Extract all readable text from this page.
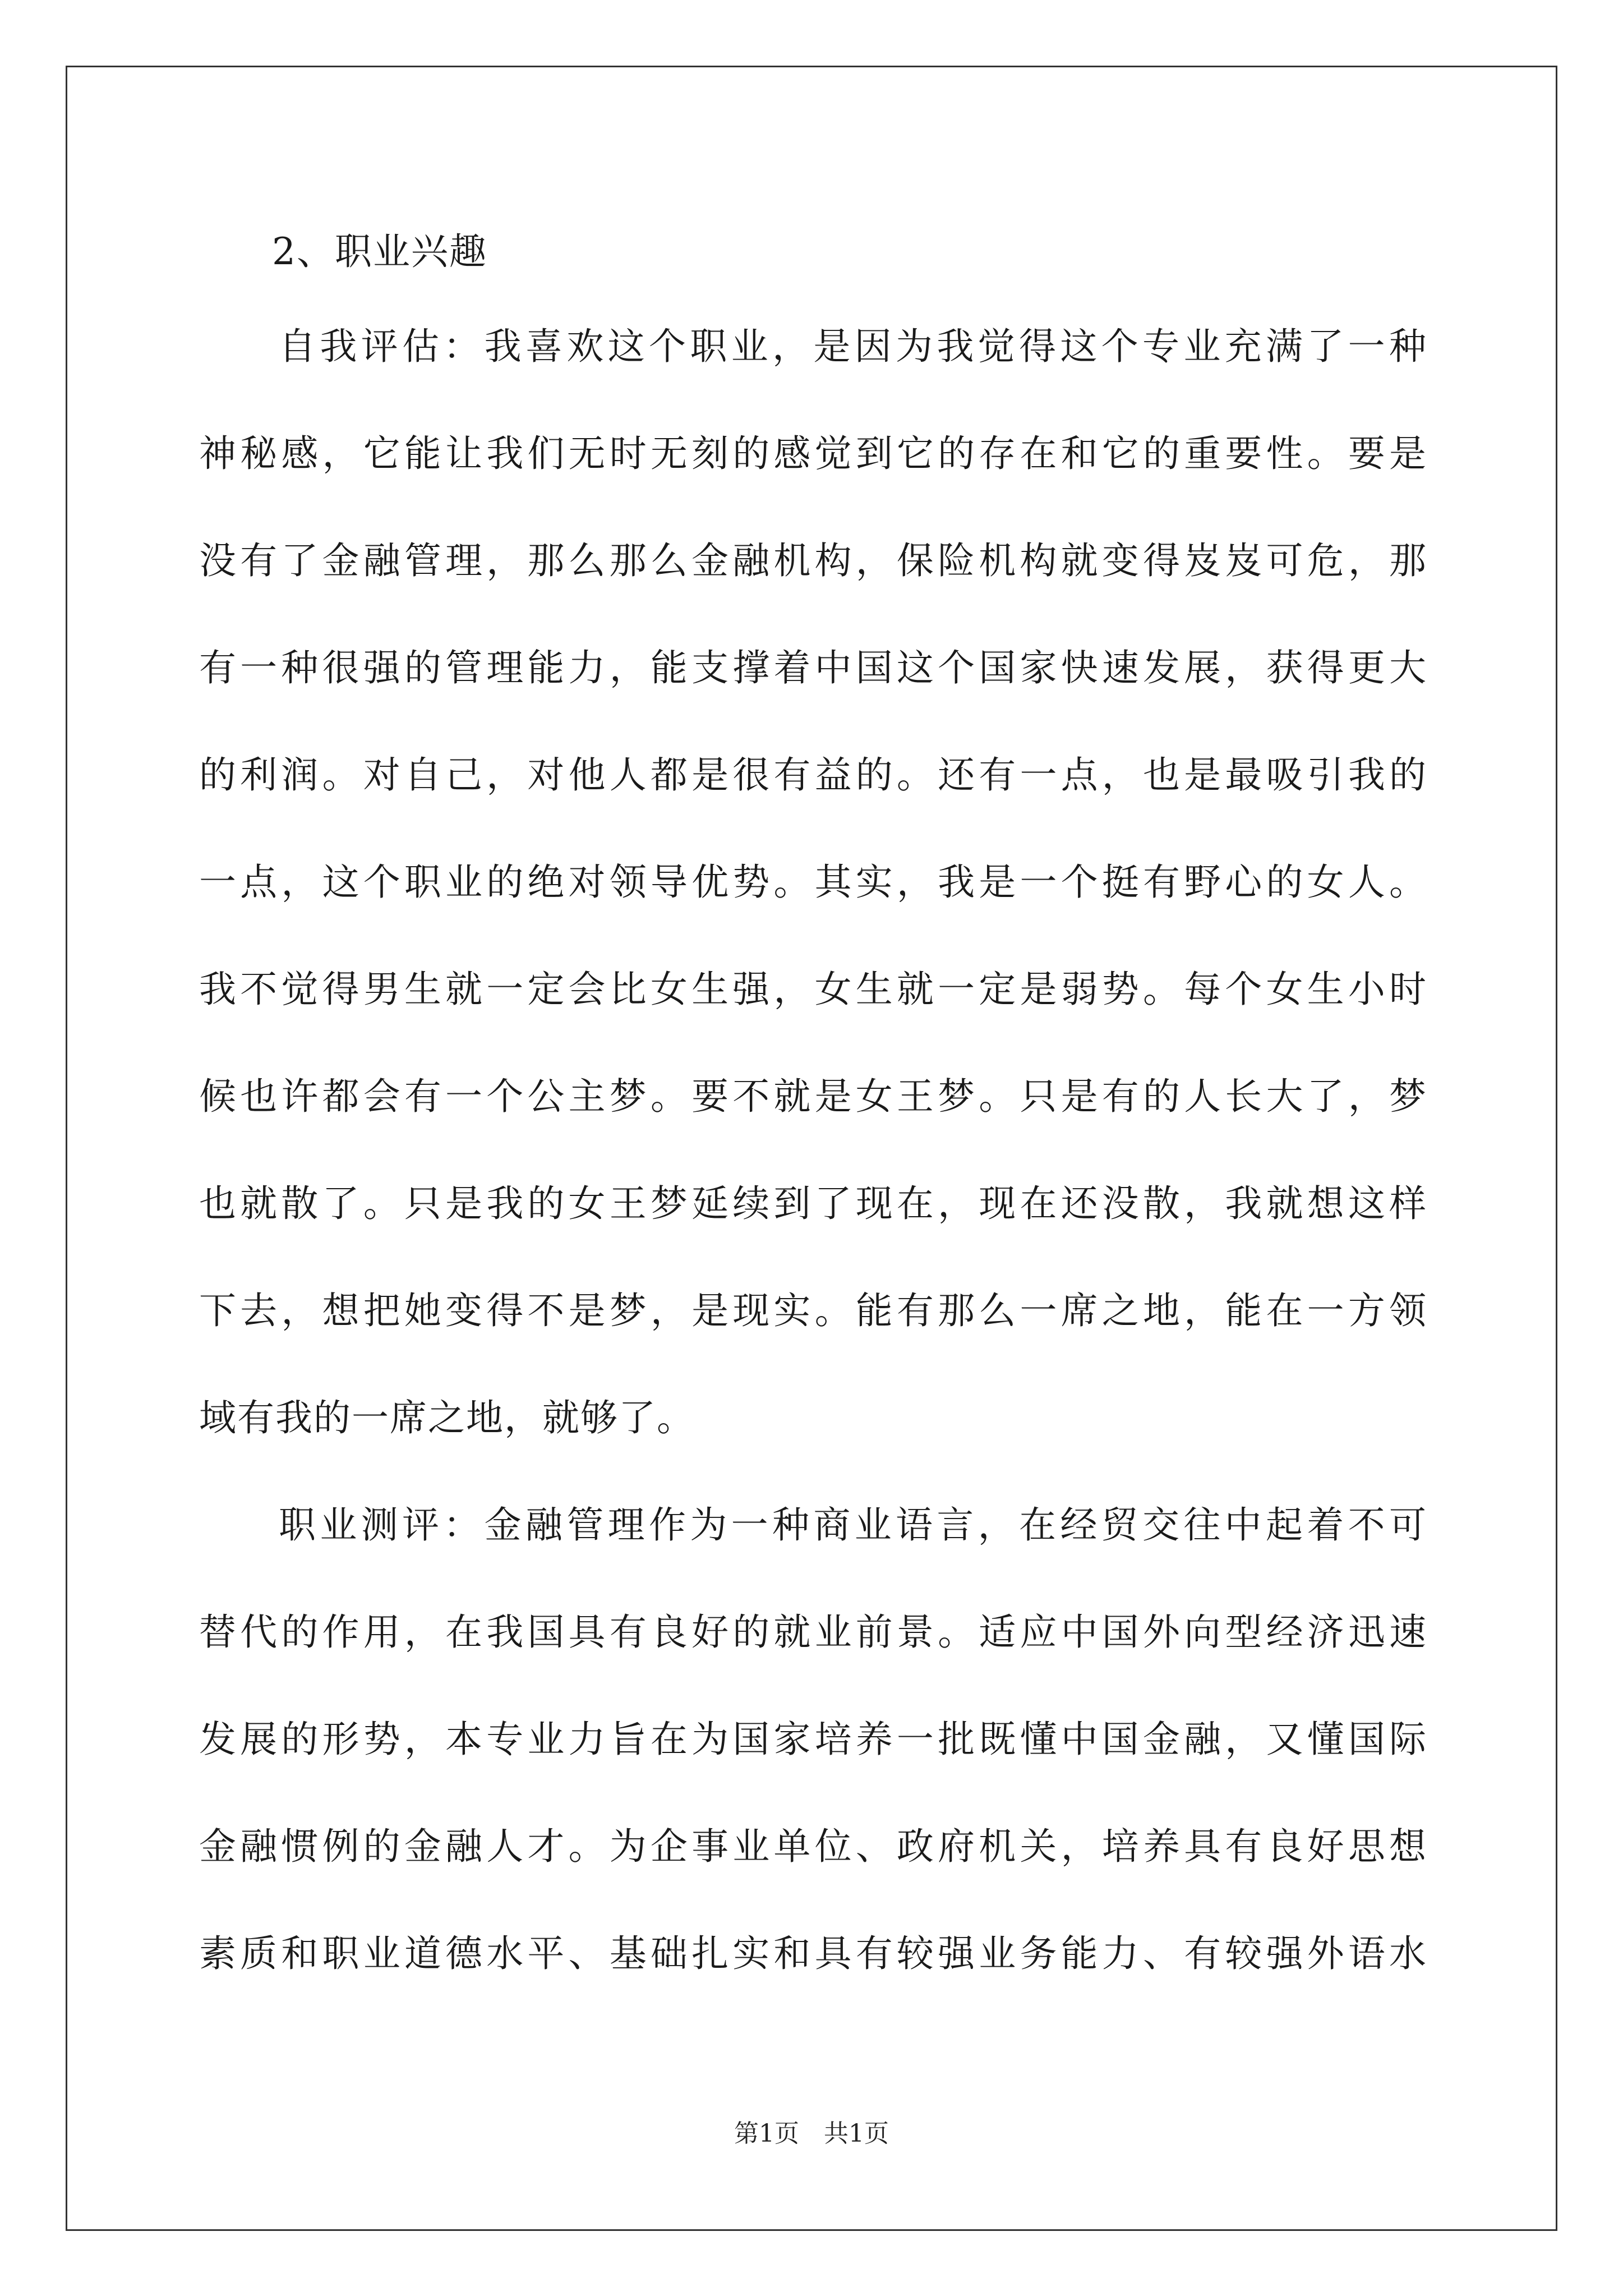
2、职业兴趣
自我评估：我喜欢这个职业，是因为我觉得这个专业充满了一种
神秘感，它能让我们无时无刻的感觉到它的存在和它的重要性。要是
没有了金融管理，那么那么金融机构，保险机构就变得岌岌可危，那
有一种很强的管理能力，能支撑着中国这个国家快速发展，获得更大
的利润。对自己，对他人都是很有益的。还有一点，也是最吸引我的
一点，这个职业的绝对领导优势。其实，我是一个挺有野心的女人。
我不觉得男生就一定会比女生强，女生就一定是弱势。每个女生小时
候也许都会有一个公主梦。要不就是女王梦。只是有的人长大了，梦
也就散了。只是我的女王梦延续到了现在，现在还没散，我就想这样
下去，想把她变得不是梦，是现实。能有那么一席之地，能在一方领
域有我的一席之地，就够了。
职业测评：金融管理作为一种商业语言，在经贸交往中起着不可
替代的作用，在我国具有良好的就业前景。适应中国外向型经济迅速
发展的形势，本专业力旨在为国家培养一批既懂中国金融，又懂国际
金融惯例的金融人才。为企事业单位、政府机关，培养具有良好思想
素质和职业道德水平、基础扎实和具有较强业务能力、有较强外语水
第1页 共1页
